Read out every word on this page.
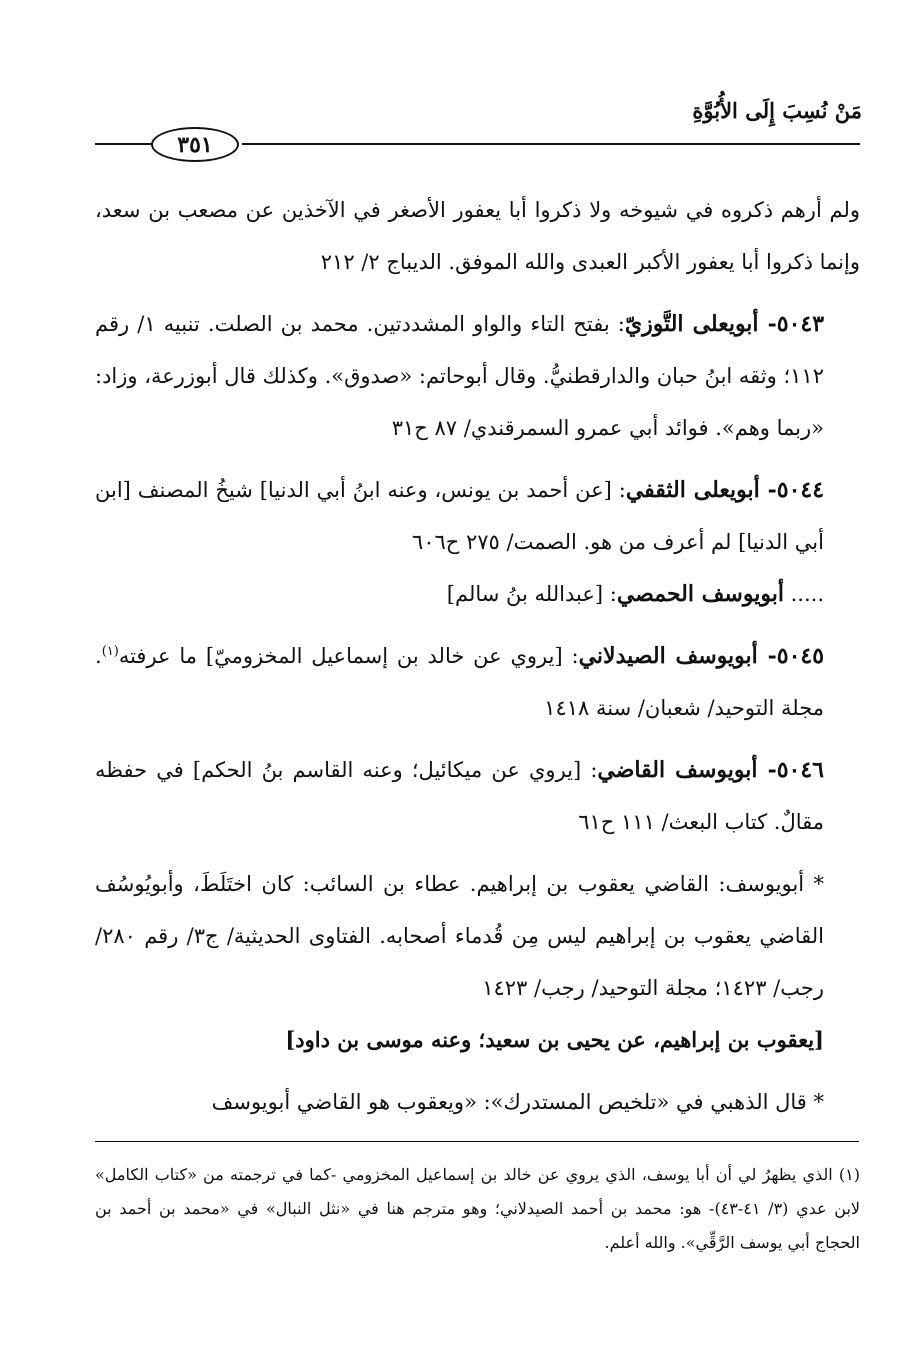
مَنْ نُسِبَ إِلَى الأُبُوَّةِ
٣٥١

ولم أرهم ذكروه في شيوخه ولا ذكروا أبا يعفور الأصغر في الآخذين عن مصعب بن سعد، وإنما ذكروا أبا يعفور الأكبر العبدى والله الموفق. الديباج ٢/ ٢١٢

٥٠٤٣- أبويعلى التَّوزيّ: بفتح التاء والواو المشددتين. محمد بن الصلت. تنبيه ١/ رقم ١١٢؛ وثقه ابنُ حبان والدارقطنيُّ. وقال أبوحاتم: «صدوق». وكذلك قال أبوزرعة، وزاد: «ربما وهم». فوائد أبي عمرو السمرقندي/ ٨٧ ح٣١

٥٠٤٤- أبويعلى الثقفي: [عن أحمد بن يونس، وعنه ابنُ أبي الدنيا] شيخُ المصنف [ابن أبي الدنيا] لم أعرف من هو. الصمت/ ٢٧٥ ح٦٠٦

..... أبويوسف الحمصي: [عبدالله بنُ سالم]

٥٠٤٥- أبويوسف الصيدلاني: [يروي عن خالد بن إسماعيل المخزوميّ] ما عرفته$^{(١)}$. مجلة التوحيد/ شعبان/ سنة ١٤١٨

٥٠٤٦- أبويوسف القاضي: [يروي عن ميكائيل؛ وعنه القاسم بنُ الحكم] في حفظه مقالٌ. كتاب البعث/ ١١١ ح٦١

* أبويوسف: القاضي يعقوب بن إبراهيم. عطاء بن السائب: كان اختَلَطَ، وأبويُوسُف القاضي يعقوب بن إبراهيم ليس مِن قُدماء أصحابه. الفتاوى الحديثية/ ج٣/ رقم ٢٨٠/ رجب/ ١٤٢٣؛ مجلة التوحيد/ رجب/ ١٤٢٣

[يعقوب بن إبراهيم، عن يحيى بن سعيد؛ وعنه موسى بن داود]

* قال الذهبي في «تلخيص المستدرك»: «ويعقوب هو القاضي أبويوسف

(١) الذي يظهرُ لي أن أبا يوسف، الذي يروي عن خالد بن إسماعيل المخزومي -كما في ترجمته من «كتاب الكامل» لابن عدي (٣/ ٤١-٤٣)- هو: محمد بن أحمد الصيدلاني؛ وهو مترجم هنا في «نثل النبال» في «محمد بن أحمد بن الحجاج أبي يوسف الرَّقِّي». والله أعلم.
